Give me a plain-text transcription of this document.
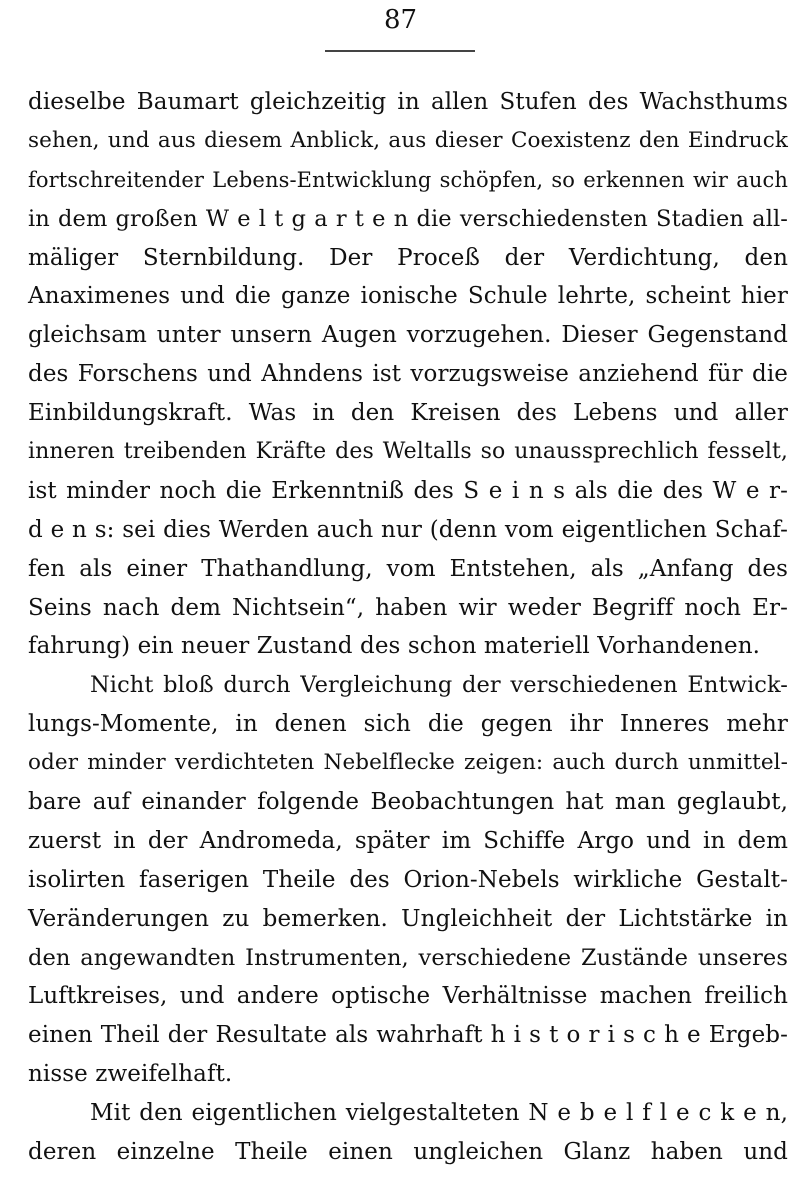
87
dieselbe Baumart gleichzeitig in allen Stufen des Wachsthums
sehen, und aus diesem Anblick, aus dieser Coexistenz den Eindruck
fortschreitender Lebens-Entwicklung schöpfen, so erkennen wir auch
in dem großen W e l t g a r t e n die verschiedensten Stadien all-
mäliger Sternbildung. Der Proceß der Verdichtung, den
Anaximenes und die ganze ionische Schule lehrte, scheint hier
gleichsam unter unsern Augen vorzugehen. Dieser Gegenstand
des Forschens und Ahndens ist vorzugsweise anziehend für die
Einbildungskraft. Was in den Kreisen des Lebens und aller
inneren treibenden Kräfte des Weltalls so unaussprechlich fesselt,
ist minder noch die Erkenntniß des S e i n s als die des W e r-
d e n s: sei dies Werden auch nur (denn vom eigentlichen Schaf-
fen als einer Thathandlung, vom Entstehen, als „Anfang des
Seins nach dem Nichtsein“, haben wir weder Begriff noch Er-
fahrung) ein neuer Zustand des schon materiell Vorhandenen.
Nicht bloß durch Vergleichung der verschiedenen Entwick-
lungs-Momente, in denen sich die gegen ihr Inneres mehr
oder minder verdichteten Nebelflecke zeigen: auch durch unmittel-
bare auf einander folgende Beobachtungen hat man geglaubt,
zuerst in der Andromeda, später im Schiffe Argo und in dem
isolirten faserigen Theile des Orion-Nebels wirkliche Gestalt-
Veränderungen zu bemerken. Ungleichheit der Lichtstärke in
den angewandten Instrumenten, verschiedene Zustände unseres
Luftkreises, und andere optische Verhältnisse machen freilich
einen Theil der Resultate als wahrhaft h i s t o r i s c h e Ergeb-
nisse zweifelhaft.
Mit den eigentlichen vielgestalteten N e b e l f l e c k e n,
deren einzelne Theile einen ungleichen Glanz haben und
